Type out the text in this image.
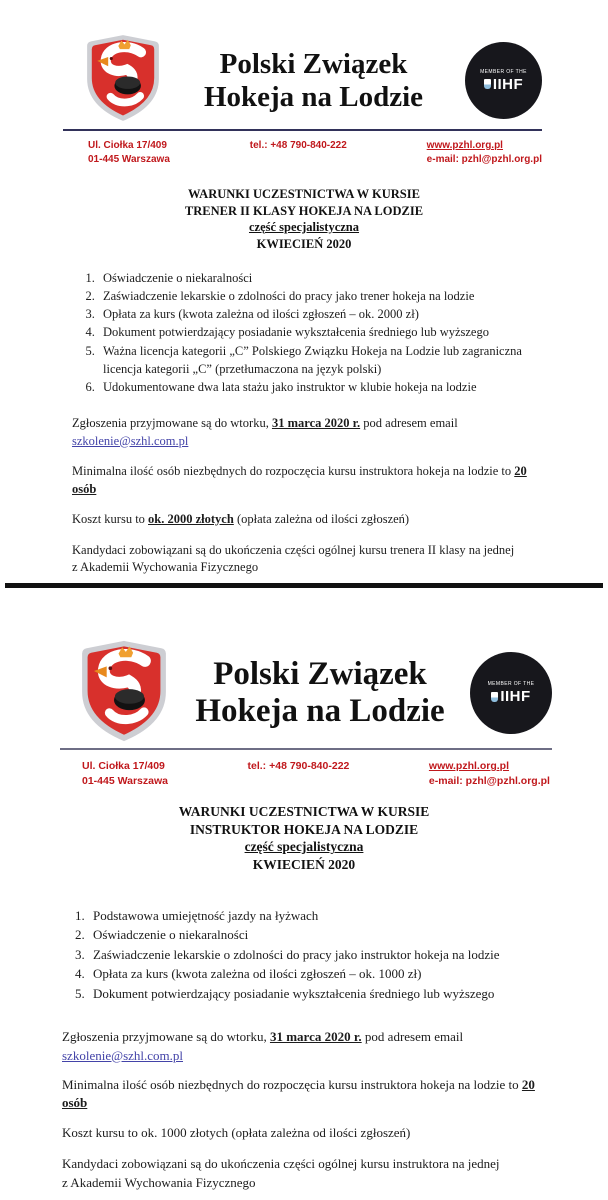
Polski Związek
Hokeja na Lodzie
MEMBER OF THE
IIHF
Ul. Ciołka 17/409
01-445 Warszawa
tel.: +48 790-840-222	www.pzhl.org.pl
e-mail: pzhl@pzhl.org.pl
WARUNKI UCZESTNICTWA W KURSIE
TRENER II KLASY HOKEJA NA LODZIE
część specjalistyczna
KWIECIEŃ 2020
1. Oświadczenie o niekaralności
2. Zaświadczenie lekarskie o zdolności do pracy jako trener hokeja na lodzie
3. Opłata za kurs (kwota zależna od ilości zgłoszeń – ok. 2000 zł)
4. Dokument potwierdzający posiadanie wykształcenia średniego lub wyższego
5. Ważna licencja kategorii „C” Polskiego Związku Hokeja na Lodzie lub zagraniczna licencja kategorii „C” (przetłumaczona na język polski)
6. Udokumentowane dwa lata stażu jako instruktor w klubie hokeja na lodzie
Zgłoszenia przyjmowane są do wtorku, 31 marca 2020 r. pod adresem email
szkolenie@szhl.com.pl
Minimalna ilość osób niezbędnych do rozpoczęcia kursu instruktora hokeja na lodzie to 20
osób
Koszt kursu to ok. 2000 złotych (opłata zależna od ilości zgłoszeń)
Kandydaci zobowiązani są do ukończenia części ogólnej kursu trenera II klasy na jednej
z Akademii Wychowania Fizycznego
Polski Związek
Hokeja na Lodzie
MEMBER OF THE
IIHF
Ul. Ciołka 17/409
01-445 Warszawa
tel.: +48 790-840-222	www.pzhl.org.pl
e-mail: pzhl@pzhl.org.pl
WARUNKI UCZESTNICTWA W KURSIE
INSTRUKTOR HOKEJA NA LODZIE
część specjalistyczna
KWIECIEŃ 2020
1. Podstawowa umiejętność jazdy na łyżwach
2. Oświadczenie o niekaralności
3. Zaświadczenie lekarskie o zdolności do pracy jako instruktor hokeja na lodzie
4. Opłata za kurs (kwota zależna od ilości zgłoszeń – ok. 1000 zł)
5. Dokument potwierdzający posiadanie wykształcenia średniego lub wyższego
Zgłoszenia przyjmowane są do wtorku, 31 marca 2020 r. pod adresem email
szkolenie@szhl.com.pl
Minimalna ilość osób niezbędnych do rozpoczęcia kursu instruktora hokeja na lodzie to 20
osób
Koszt kursu to ok. 1000 złotych (opłata zależna od ilości zgłoszeń)
Kandydaci zobowiązani są do ukończenia części ogólnej kursu instruktora na jednej
z Akademii Wychowania Fizycznego
